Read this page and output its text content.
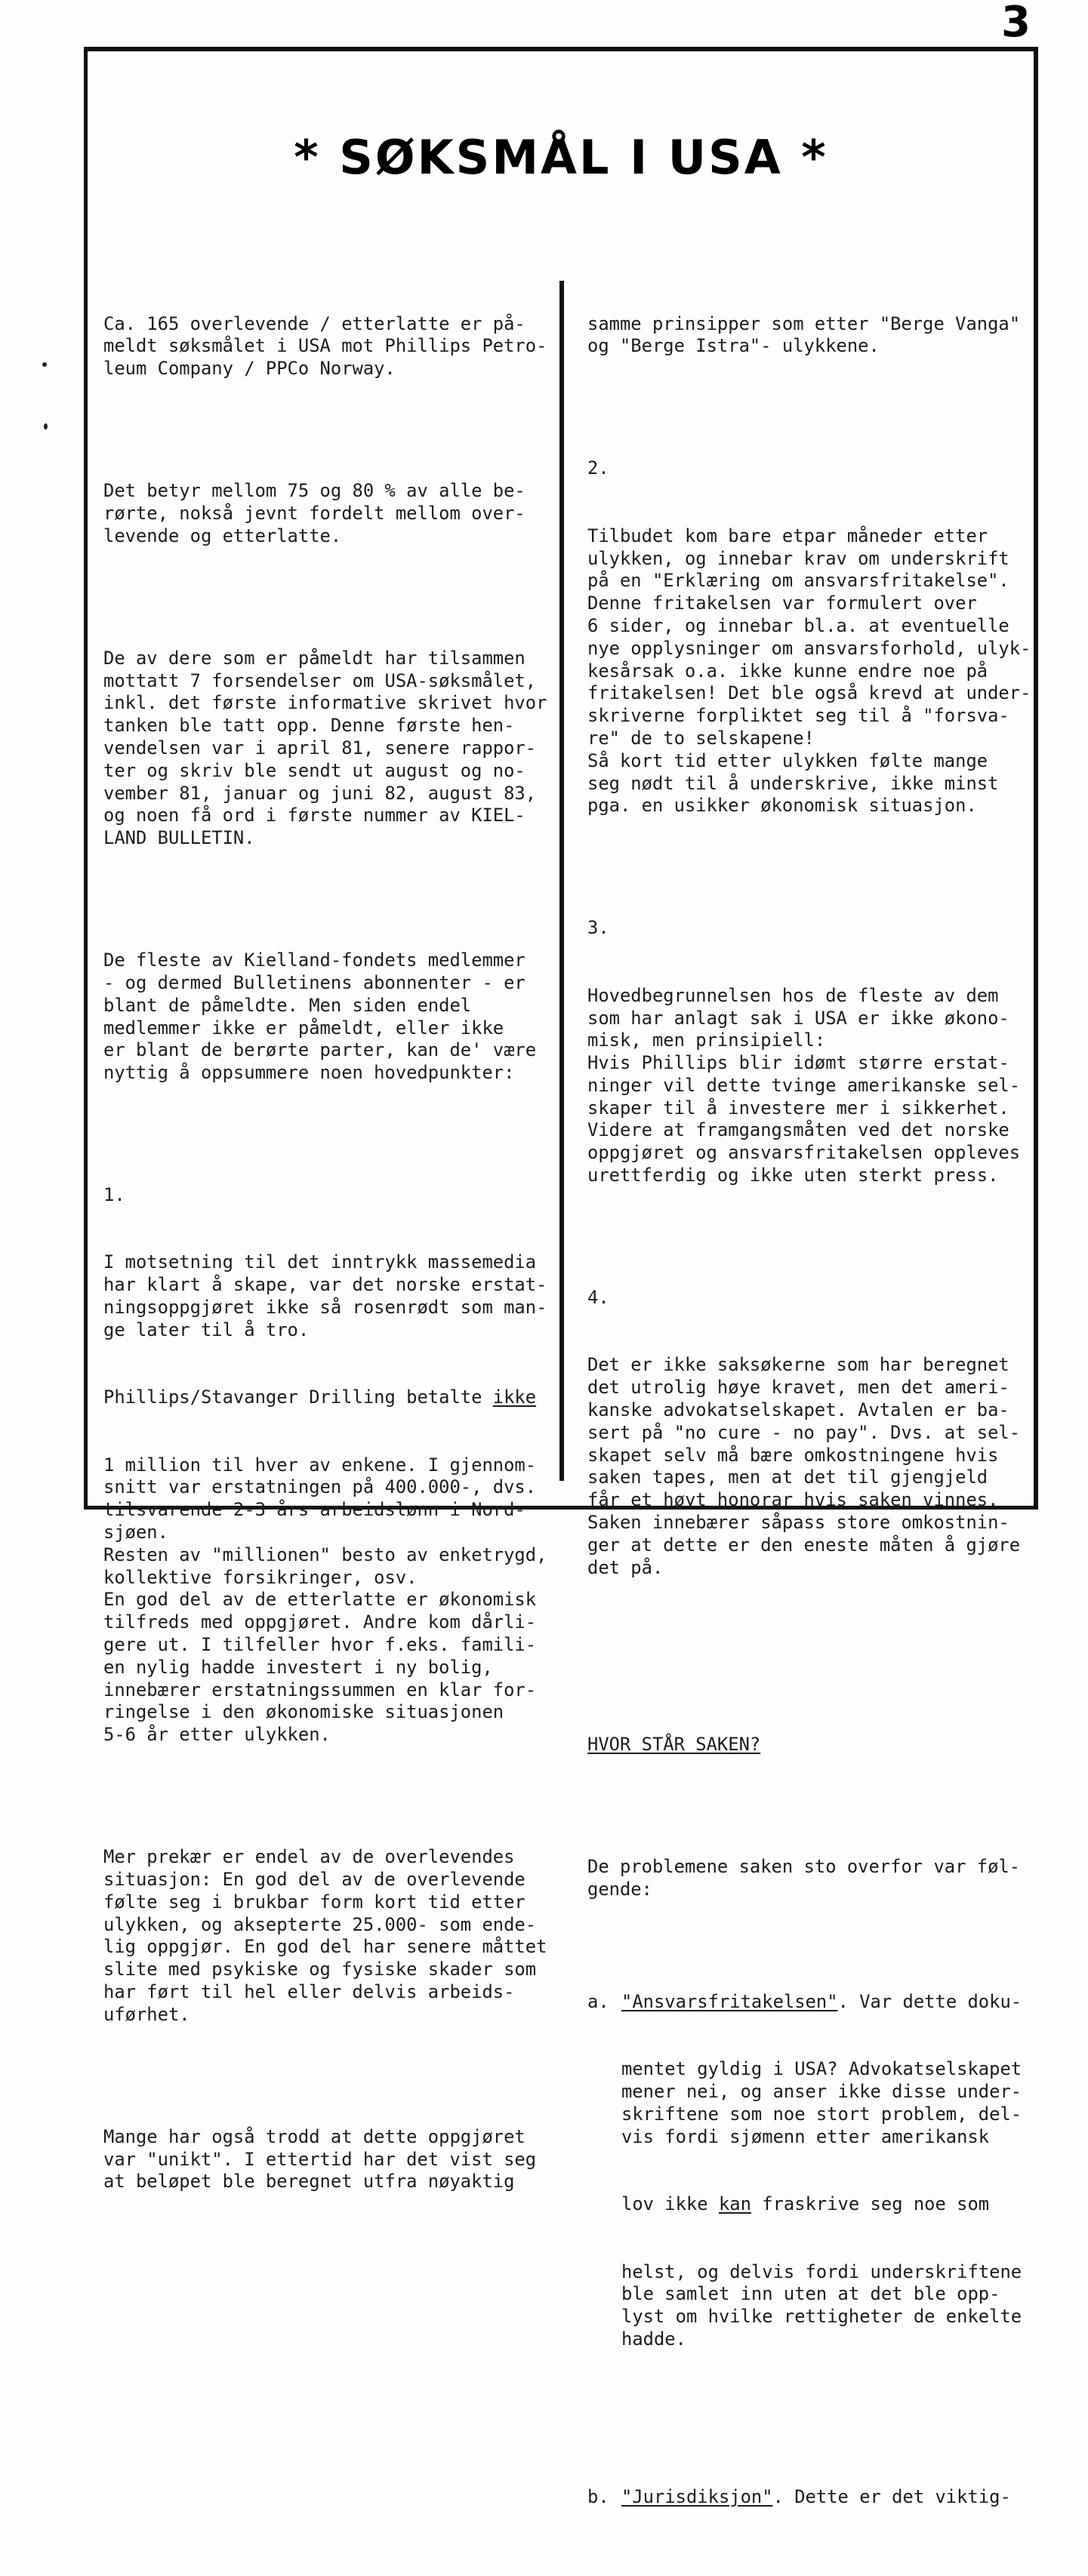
3
* SØKSMÅL I USA *

Ca. 165 overlevende / etterlatte er på-
meldt søksmålet i USA mot Phillips Petro-
leum Company / PPCo Norway.

Det betyr mellom 75 og 80 % av alle be-
rørte, nokså jevnt fordelt mellom over-
levende og etterlatte.

De av dere som er påmeldt har tilsammen
mottatt 7 forsendelser om USA-søksmålet,
inkl. det første informative skrivet hvor
tanken ble tatt opp. Denne første hen-
vendelsen var i april 81, senere rappor-
ter og skriv ble sendt ut august og no-
vember 81, januar og juni 82, august 83,
og noen få ord i første nummer av KIEL-
LAND BULLETIN.

De fleste av Kielland-fondets medlemmer
- og dermed Bulletinens abonnenter - er
blant de påmeldte. Men siden endel
medlemmer ikke er påmeldt, eller ikke
er blant de berørte parter, kan de' være
nyttig å oppsummere noen hovedpunkter:

1.

I motsetning til det inntrykk massemedia
har klart å skape, var det norske erstat-
ningsoppgjøret ikke så rosenrødt som man-
ge later til å tro.

Phillips/Stavanger Drilling betalte ikke

1 million til hver av enkene. I gjennom-
snitt var erstatningen på 400.000-, dvs.
tilsvarende 2-3 års arbeidslønn i Nord-
sjøen.
Resten av "millionen" besto av enketrygd,
kollektive forsikringer, osv.
En god del av de etterlatte er økonomisk
tilfreds med oppgjøret. Andre kom dårli-
gere ut. I tilfeller hvor f.eks. famili-
en nylig hadde investert i ny bolig,
innebærer erstatningssummen en klar for-
ringelse i den økonomiske situasjonen
5-6 år etter ulykken.

Mer prekær er endel av de overlevendes
situasjon: En god del av de overlevende
følte seg i brukbar form kort tid etter
ulykken, og aksepterte 25.000- som ende-
lig oppgjør. En god del har senere måttet
slite med psykiske og fysiske skader som
har ført til hel eller delvis arbeids-
uførhet.

Mange har også trodd at dette oppgjøret
var "unikt". I ettertid har det vist seg
at beløpet ble beregnet utfra nøyaktig

samme prinsipper som etter "Berge Vanga"
og "Berge Istra"- ulykkene.

2.

Tilbudet kom bare etpar måneder etter
ulykken, og innebar krav om underskrift
på en "Erklæring om ansvarsfritakelse".
Denne fritakelsen var formulert over
6 sider, og innebar bl.a. at eventuelle
nye opplysninger om ansvarsforhold, ulyk-
kesårsak o.a. ikke kunne endre noe på
fritakelsen! Det ble også krevd at under-
skriverne forpliktet seg til å "forsva-
re" de to selskapene!
Så kort tid etter ulykken følte mange
seg nødt til å underskrive, ikke minst
pga. en usikker økonomisk situasjon.

3.

Hovedbegrunnelsen hos de fleste av dem
som har anlagt sak i USA er ikke økono-
misk, men prinsipiell:
Hvis Phillips blir idømt større erstat-
ninger vil dette tvinge amerikanske sel-
skaper til å investere mer i sikkerhet.
Videre at framgangsmåten ved det norske
oppgjøret og ansvarsfritakelsen oppleves
urettferdig og ikke uten sterkt press.

4.

Det er ikke saksøkerne som har beregnet
det utrolig høye kravet, men det ameri-
kanske advokatselskapet. Avtalen er ba-
sert på "no cure - no pay". Dvs. at sel-
skapet selv må bære omkostningene hvis
saken tapes, men at det til gjengjeld
får et høyt honorar hvis saken vinnes.
Saken innebærer såpass store omkostnin-
ger at dette er den eneste måten å gjøre
det på.

HVOR STÅR SAKEN?

De problemene saken sto overfor var føl-
gende:

a. "Ansvarsfritakelsen". Var dette doku-

mentet gyldig i USA? Advokatselskapet
mener nei, og anser ikke disse under-
skriftene som noe stort problem, del-
vis fordi sjømenn etter amerikansk

lov ikke kan fraskrive seg noe som

helst, og delvis fordi underskriftene
ble samlet inn uten at det ble opp-
lyst om hvilke rettigheter de enkelte
hadde.

b. "Jurisdiksjon". Dette er det viktig-
